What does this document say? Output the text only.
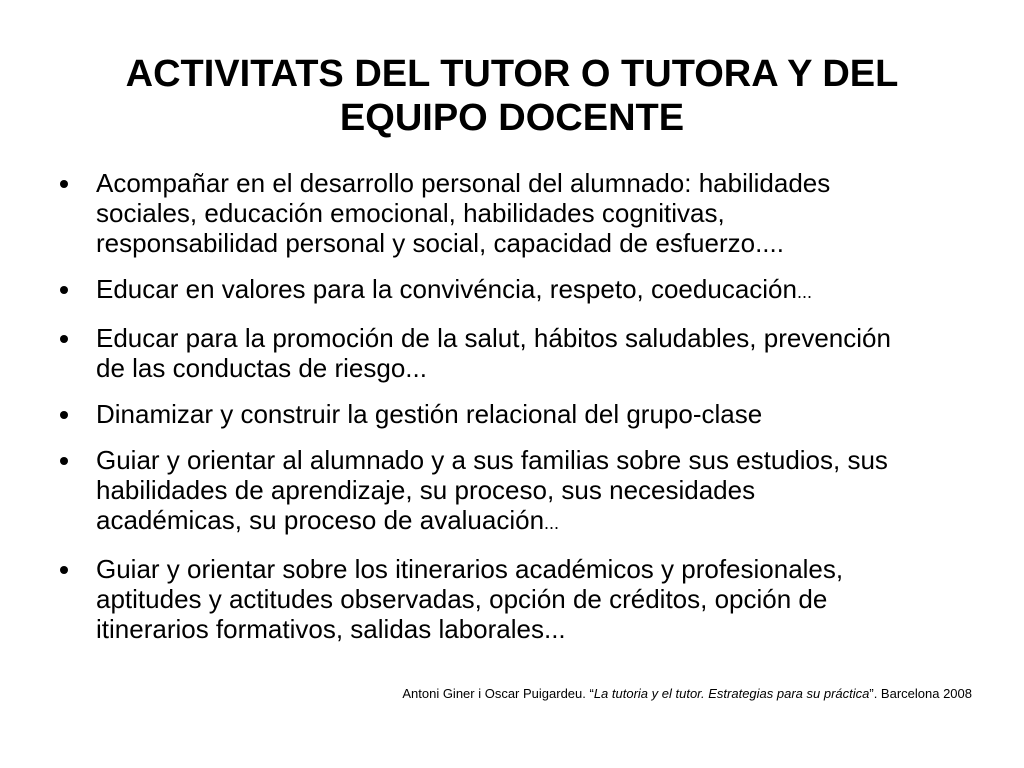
ACTIVITATS DEL TUTOR O TUTORA Y DEL
EQUIPO DOCENTE
Acompañar en el desarrollo personal del alumnado: habilidades
sociales, educación emocional, habilidades cognitivas,
responsabilidad personal y social, capacidad de esfuerzo....
Educar en valores para la convivéncia, respeto, coeducación...
Educar para la promoción de la salut, hábitos saludables, prevención
de las conductas de riesgo...
Dinamizar y construir la gestión relacional del grupo-clase
Guiar y orientar al alumnado y a sus familias sobre sus estudios, sus
habilidades de aprendizaje, su proceso, sus necesidades
académicas, su proceso de avaluación...
Guiar y orientar sobre los itinerarios académicos y profesionales,
aptitudes y actitudes observadas, opción de créditos, opción de
itinerarios formativos, salidas laborales...
Antoni Giner i Oscar Puigardeu. “La tutoria y el tutor. Estrategias para su práctica”. Barcelona 2008
